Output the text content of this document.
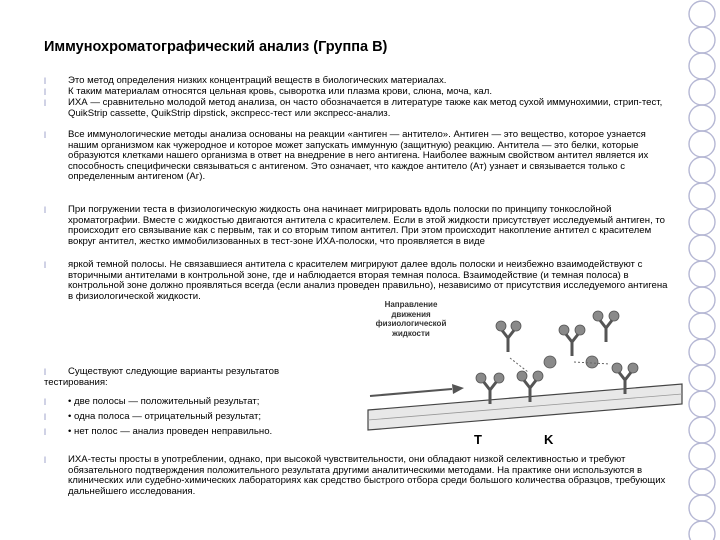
Иммунохроматографический анализ (Группа B)
l Это метод определения низких концентраций веществ в биологических материалах.
l К таким материалам относятся цельная кровь, сыворотка или плазма крови, слюна, моча, кал.
l ИХА — сравнительно молодой метод анализа, он часто обозначается в литературе также как метод сухой иммунохимии, стрип-тест, QuikStrip cassette, QuikStrip dipstick, экспресс-тест или экспресс-анализ.
l Все иммунологические методы анализа основаны на реакции «антиген — антитело». Антиген — это вещество, которое узнается нашим организмом как чужеродное и которое может запускать иммунную (защитную) реакцию. Антитела — это белки, которые образуются клетками нашего организма в ответ на внедрение в него антигена. Наиболее важным свойством антител является их способность специфически связываться с антигеном. Это означает, что каждое антитело (Ат) узнает и связывается только с определенным антигеном (Аг).
l При погружении теста в физиологическую жидкость она начинает мигрировать вдоль полоски по принципу тонкослойной хроматографии. Вместе с жидкостью двигаются антитела с красителем. Если в этой жидкости присутствует исследуемый антиген, то происходит его связывание как с первым, так и со вторым типом антител. При этом происходит накопление антител с красителем вокруг антител, жестко иммобилизованных в тест-зоне ИХА-полоски, что проявляется в виде
l яркой темной полосы. Не связавшиеся антитела с красителем мигрируют далее вдоль полоски и неизбежно взаимодействуют с вторичными антителами в контрольной зоне, где и наблюдается вторая темная полоса. Взаимодействие (и темная полоса) в контрольной зоне должно проявляться всегда (если анализ проведен правильно), независимо от присутствия исследуемого антигена в физиологической жидкости.
l	Существуют следующие варианты результатов
тестирования:
l • две полосы — положительный результат;
l • одна полоса — отрицательный результат;
l • нет полос — анализ проведен неправильно.
Направление движения физиологической жидкости
T	K
l ИХА-тесты просты в употреблении, однако, при высокой чувствительности, они обладают низкой селективностью и требуют обязательного подтверждения положительного результата другими аналитическими методами. На практике они используются в клинических или судебно-химических лабораториях как средство быстрого отбора среди большого количества образцов, требующих дальнейшего исследования.
